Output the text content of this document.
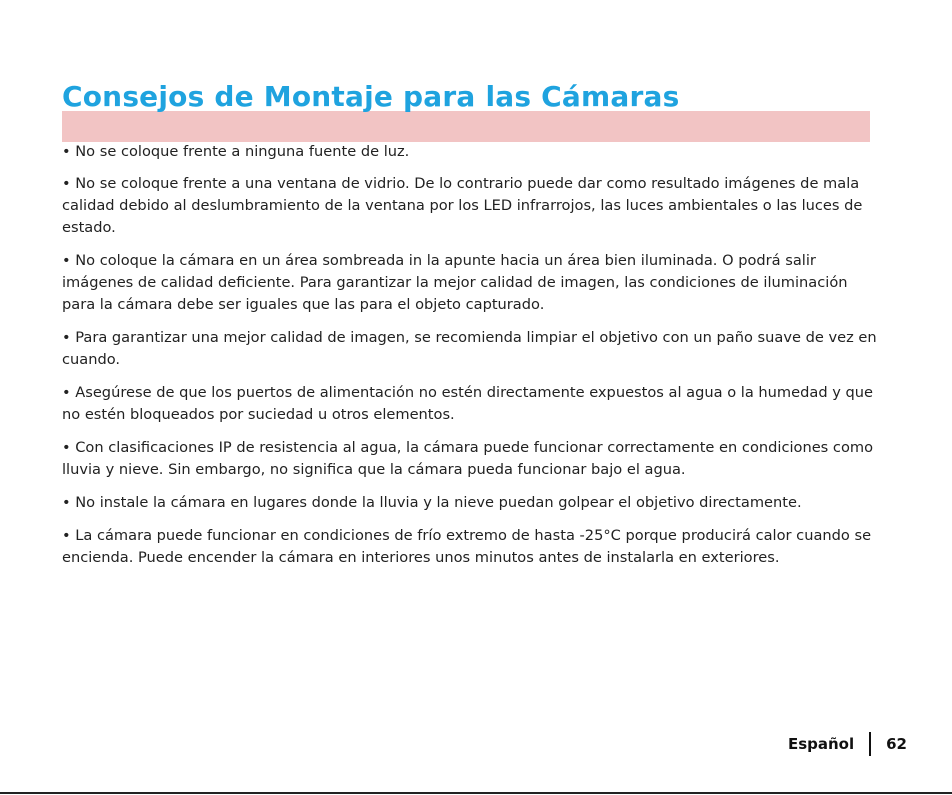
Consejos de Montaje para las Cámaras
• No se coloque frente a ninguna fuente de luz.
• No se coloque frente a una ventana de vidrio. De lo contrario puede dar como resultado imágenes de mala calidad debido al deslumbramiento de la ventana por los LED infrarrojos, las luces ambientales o las luces de estado.
• No coloque la cámara en un área sombreada in la apunte hacia un área bien iluminada. O podrá salir imágenes de calidad deficiente. Para garantizar la mejor calidad de imagen, las condiciones de iluminación para la cámara debe ser iguales que las para el objeto capturado.
• Para garantizar una mejor calidad de imagen, se recomienda limpiar el objetivo con un paño suave de vez en cuando.
• Asegúrese de que los puertos de alimentación no estén directamente expuestos al agua o la humedad y que no estén bloqueados por suciedad u otros elementos.
• Con clasificaciones IP de resistencia al agua, la cámara puede funcionar correctamente en condiciones como lluvia y nieve. Sin embargo, no significa que la cámara pueda funcionar bajo el agua.
• No instale la cámara en lugares donde la lluvia y la nieve puedan golpear el objetivo directamente.
• La cámara puede funcionar en condiciones de frío extremo de hasta -25°C porque producirá calor cuando se encienda. Puede encender la cámara en interiores unos minutos antes de instalarla en exteriores.
Español 62
